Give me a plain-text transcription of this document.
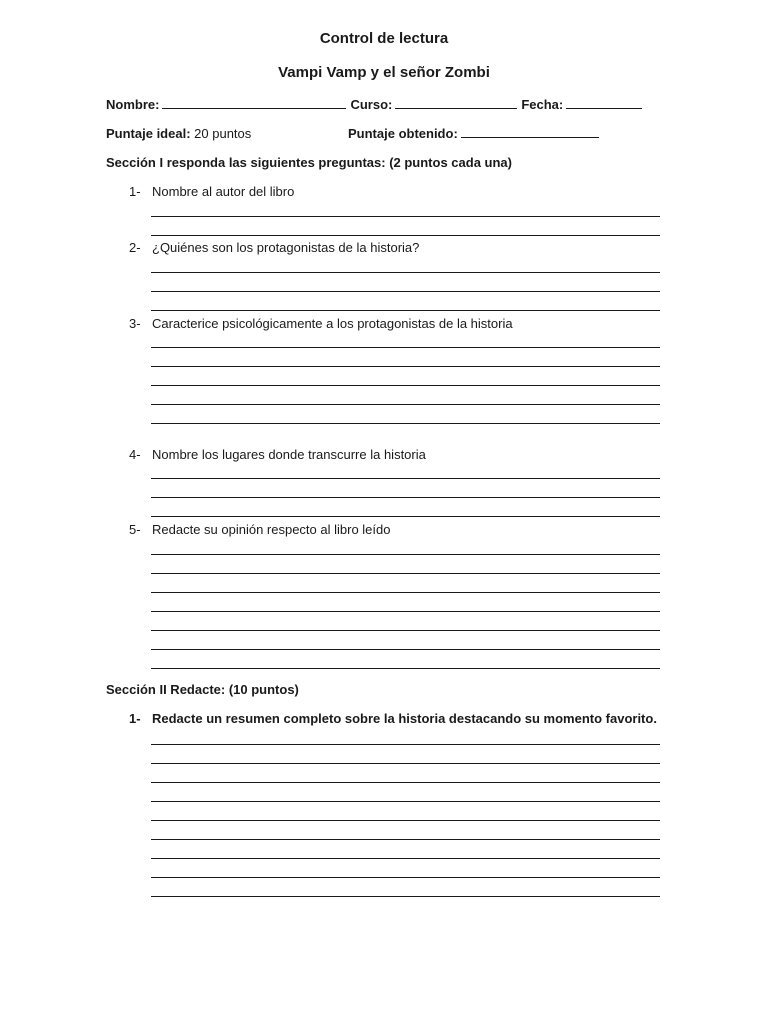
Control de lectura
Vampi Vamp y el señor Zombi
Nombre:	Curso:	Fecha:
Puntaje ideal: 20 puntos	Puntaje obtenido:
Sección I responda las siguientes preguntas: (2 puntos cada una)
1- Nombre al autor del libro
2- ¿Quiénes son los protagonistas de la historia?
3- Caracterice psicológicamente a los protagonistas de la historia
4- Nombre los lugares donde transcurre la historia
5- Redacte su opinión respecto al libro leído
Sección II Redacte: (10 puntos)
1- Redacte un resumen completo sobre la historia destacando su momento favorito.
